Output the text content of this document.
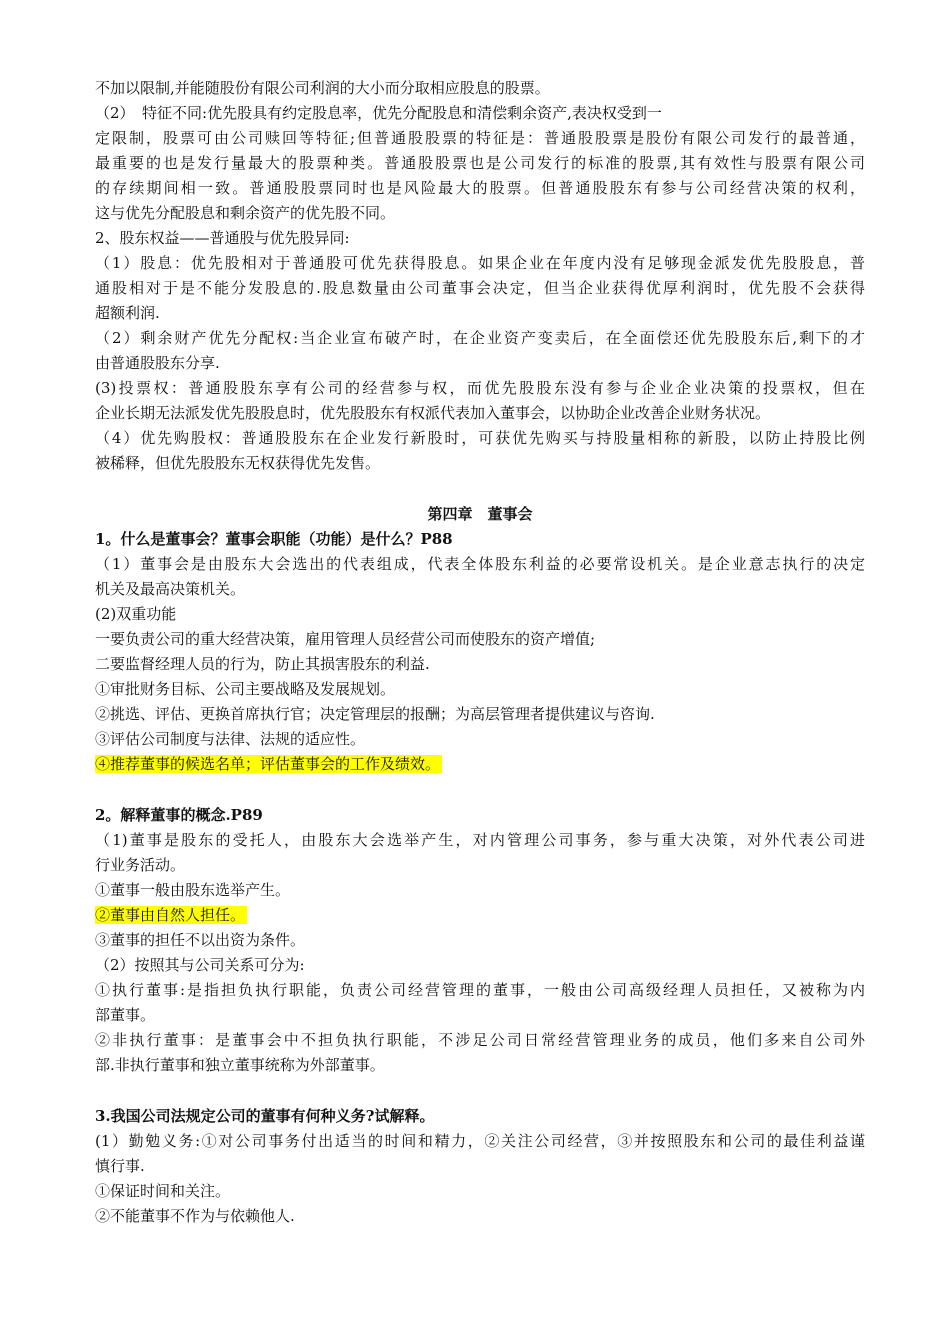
不加以限制,并能随股份有限公司利润的大小而分取相应股息的股票。
（2）　特征不同:优先股具有约定股息率，优先分配股息和清偿剩余资产,表决权受到一
定限制，股票可由公司赎回等特征;但普通股股票的特征是：普通股股票是股份有限公司发行的最普通，
最重要的也是发行量最大的股票种类。普通股股票也是公司发行的标准的股票,其有效性与股票有限公司
的存续期间相一致。普通股股票同时也是风险最大的股票。但普通股股东有参与公司经营决策的权利，
这与优先分配股息和剩余资产的优先股不同。
2、股东权益——普通股与优先股异同:
（1）股息：优先股相对于普通股可优先获得股息。如果企业在年度内没有足够现金派发优先股股息，普
通股相对于是不能分发股息的.股息数量由公司董事会决定，但当企业获得优厚利润时，优先股不会获得
超额利润.
（2）剩余财产优先分配权:当企业宣布破产时，在企业资产变卖后，在全面偿还优先股股东后,剩下的才
由普通股股东分享.
(3)投票权：普通股股东享有公司的经营参与权，而优先股股东没有参与企业企业决策的投票权，但在
企业长期无法派发优先股股息时，优先股股东有权派代表加入董事会，以协助企业改善企业财务状况。
（4）优先购股权：普通股股东在企业发行新股时，可获优先购买与持股量相称的新股，以防止持股比例
被稀释，但优先股股东无权获得优先发售。
第四章　董事会
1。什么是董事会？董事会职能（功能）是什么？P88
（1）董事会是由股东大会选出的代表组成，代表全体股东利益的必要常设机关。是企业意志执行的决定
机关及最高决策机关。
(2)双重功能
一要负责公司的重大经营决策，雇用管理人员经营公司而使股东的资产增值;
二要监督经理人员的行为，防止其损害股东的利益.
①审批财务目标、公司主要战略及发展规划。
②挑选、评估、更换首席执行官；决定管理层的报酬；为高层管理者提供建议与咨询.
③评估公司制度与法律、法规的适应性。
④推荐董事的候选名单；评估董事会的工作及绩效。
2。解释董事的概念.P89
（1)董事是股东的受托人，由股东大会选举产生，对内管理公司事务，参与重大决策，对外代表公司进
行业务活动。
①董事一般由股东选举产生。
②董事由自然人担任。
③董事的担任不以出资为条件。
（2）按照其与公司关系可分为:
①执行董事:是指担负执行职能，负责公司经营管理的董事，一般由公司高级经理人员担任，又被称为内
部董事。
②非执行董事：是董事会中不担负执行职能，不涉足公司日常经营管理业务的成员，他们多来自公司外
部.非执行董事和独立董事统称为外部董事。
3.我国公司法规定公司的董事有何种义务?试解释。
(1）勤勉义务:①对公司事务付出适当的时间和精力，②关注公司经营，③并按照股东和公司的最佳利益谨
慎行事.
①保证时间和关注。
②不能董事不作为与依赖他人.
